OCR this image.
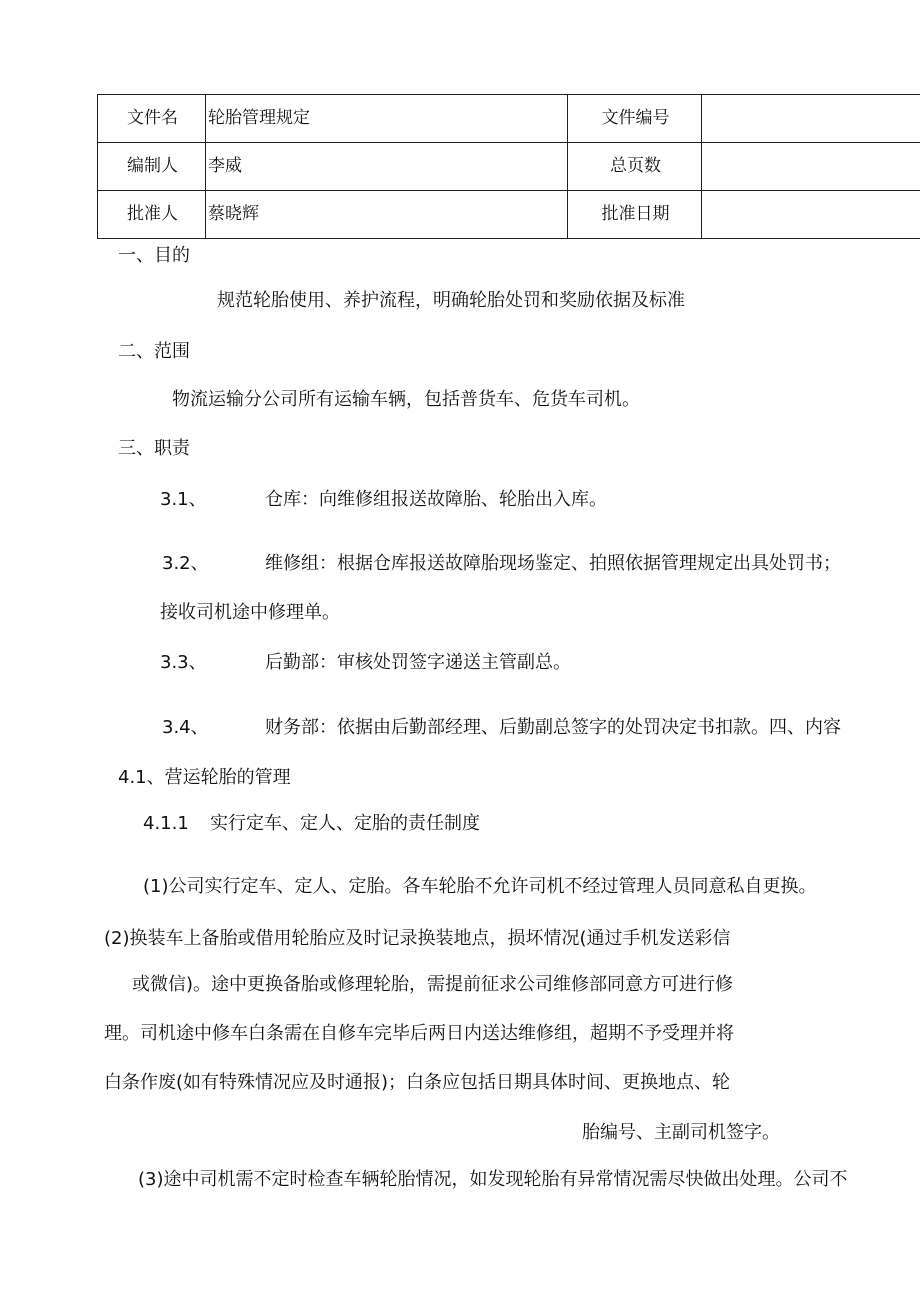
文件名	轮胎管理规定	文件编号	
编制人	李威	总页数	
批准人	蔡晓辉	批准日期	
一、目的
规范轮胎使用、养护流程，明确轮胎处罚和奖励依据及标准
二、范围
物流运输分公司所有运输车辆，包括普货车、危货车司机。
三、职责
3.1、	仓库：向维修组报送故障胎、轮胎出入库。
3.2、	维修组：根据仓库报送故障胎现场鉴定、拍照依据管理规定出具处罚书；
接收司机途中修理单。
3.3、	后勤部：审核处罚签字递送主管副总。
3.4、	财务部：依据由后勤部经理、后勤副总签字的处罚决定书扣款。四、内容
4.1、营运轮胎的管理
4.1.1 实行定车、定人、定胎的责任制度
(1)公司实行定车、定人、定胎。各车轮胎不允许司机不经过管理人员同意私自更换。
(2)换装车上备胎或借用轮胎应及时记录换装地点，损坏情况(通过手机发送彩信
或微信)。途中更换备胎或修理轮胎，需提前征求公司维修部同意方可进行修
理。司机途中修车白条需在自修车完毕后两日内送达维修组，超期不予受理并将
白条作废(如有特殊情况应及时通报)；白条应包括日期具体时间、更换地点、轮
胎编号、主副司机签字。
(3)途中司机需不定时检查车辆轮胎情况，如发现轮胎有异常情况需尽快做出处理。公司不
